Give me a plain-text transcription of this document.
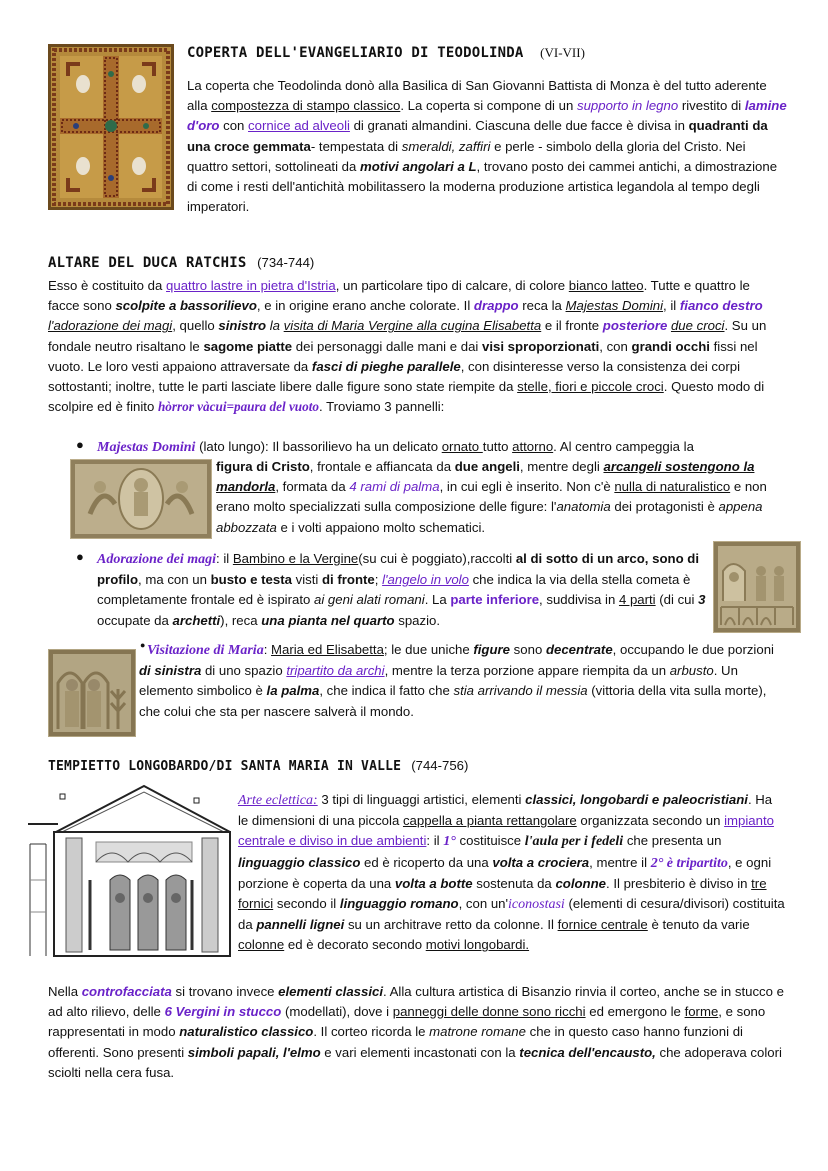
COPERTA DELL'EVANGELIARIO DI TEODOLINDA (VI-VII)

La coperta che Teodolinda donò alla Basilica di San Giovanni Battista di Monza è del tutto aderente alla compostezza di stampo classico. La coperta si compone di un supporto in legno rivestito di lamine d'oro con cornice ad alveoli di granati almandini. Ciascuna delle due facce è divisa in quadranti da una croce gemmata- tempestata di smeraldi, zaffiri e perle - simbolo della gloria del Cristo. Nei quattro settori, sottolineati da motivi angolari a L, trovano posto dei cammei antichi, a dimostrazione di come i resti dell'antichità mobilitassero la moderna produzione artistica legandola al tempo degli imperatori.

ALTARE DEL DUCA RATCHIS (734-744)

Esso è costituito da quattro lastre in pietra d'Istria, un particolare tipo di calcare, di colore bianco latteo. Tutte e quattro le facce sono scolpite a bassorilievo, e in origine erano anche colorate. Il drappo reca la Majestas Domini, il fianco destro l'adorazione dei magi, quello sinistro la visita di Maria Vergine alla cugina Elisabetta e il fronte posteriore due croci. Su un fondale neutro risaltano le sagome piatte dei personaggi dalle mani e dai visi sproporzionati, con grandi occhi fissi nel vuoto. Le loro vesti appaiono attraversate da fasci di pieghe parallele, con disinteresse verso la consistenza dei corpi sottostanti; inoltre, tutte le parti lasciate libere dalle figure sono state riempite da stelle, fiori e piccole croci. Questo modo di scolpire ed è finito hòrror vàcui=paura del vuoto. Troviamo 3 pannelli:

● Majestas Domini (lato lungo): Il bassorilievo ha un delicato ornato tutto attorno. Al centro campeggia la

figura di Cristo, frontale e affiancata da due angeli, mentre degli arcangeli sostengono la mandorla, formata da 4 rami di palma, in cui egli è inserito. Non c'è nulla di naturalistico e non erano molto specializzati sulla composizione delle figure: l'anatomia dei protagonisti è appena abbozzata e i volti appaiono molto schematici.

● Adorazione dei magi: il Bambino e la Vergine(su cui è poggiato),raccolti al di sotto di un arco, sono di profilo, ma con un busto e testa visti di fronte; l'angelo in volo che indica la via della stella cometa è completamente frontale ed è ispirato ai geni alati romani. La parte inferiore, suddivisa in 4 parti (di cui 3 occupate da archetti), reca una pianta nel quarto spazio.

● Visitazione di Maria: Maria ed Elisabetta; le due uniche figure sono decentrate, occupando le due porzioni di sinistra di uno spazio tripartito da archi, mentre la terza porzione appare riempita da un arbusto. Un elemento simbolico è la palma, che indica il fatto che stia arrivando il messia (vittoria della vita sulla morte), che colui che sta per nascere salverà il mondo.

TEMPIETTO LONGOBARDO/DI SANTA MARIA IN VALLE (744-756)

Arte eclettica: 3 tipi di linguaggi artistici, elementi classici, longobardi e paleocristiani. Ha le dimensioni di una piccola cappella a pianta rettangolare organizzata secondo un impianto centrale e diviso in due ambienti: il 1° costituisce l'aula per i fedeli che presenta un linguaggio classico ed è ricoperto da una volta a crociera, mentre il 2° è tripartito, e ogni porzione è coperta da una volta a botte sostenuta da colonne. Il presbiterio è diviso in tre fornici secondo il linguaggio romano, con un'iconostasi (elementi di cesura/divisori) costituita da pannelli lignei su un architrave retto da colonne. Il fornice centrale è tenuto da varie colonne ed è decorato secondo motivi longobardi.

Nella controfacciata si trovano invece elementi classici. Alla cultura artistica di Bisanzio rinvia il corteo, anche se in stucco e ad alto rilievo, delle 6 Vergini in stucco (modellati), dove i panneggi delle donne sono ricchi ed emergono le forme, e sono rappresentati in modo naturalistico classico. Il corteo ricorda le matrone romane che in questo caso hanno funzioni di offerenti. Sono presenti simboli papali, l'elmo e vari elementi incastonati con la tecnica dell'encausto, che adoperava colori sciolti nella cera fusa.
